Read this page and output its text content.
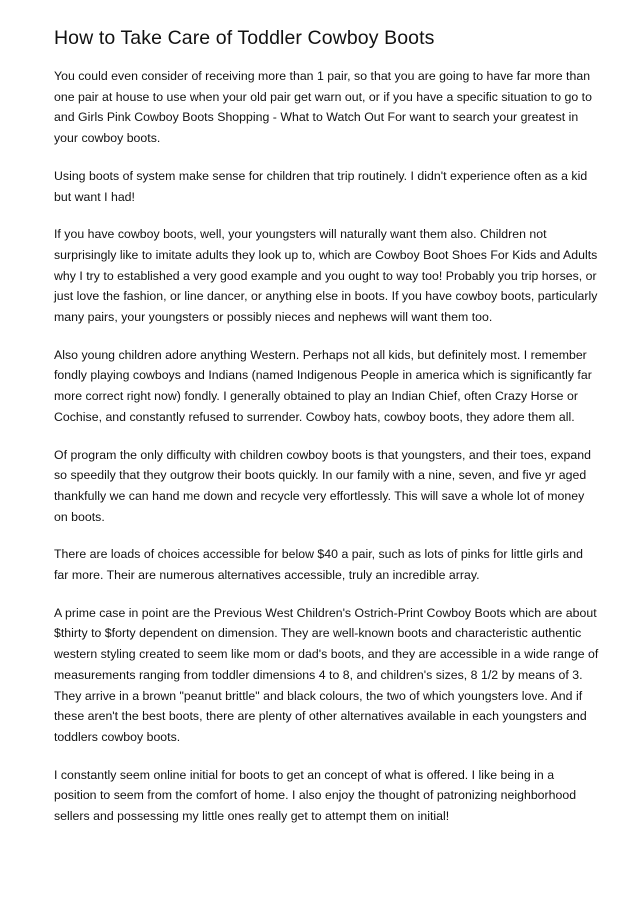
How to Take Care of Toddler Cowboy Boots

You could even consider of receiving more than 1 pair, so that you are going to have far more than one pair at house to use when your old pair get warn out, or if you have a specific situation to go to and Girls Pink Cowboy Boots Shopping - What to Watch Out For want to search your greatest in your cowboy boots.

Using boots of system make sense for children that trip routinely. I didn't experience often as a kid but want I had!

If you have cowboy boots, well, your youngsters will naturally want them also. Children not surprisingly like to imitate adults they look up to, which are Cowboy Boot Shoes For Kids and Adults why I try to established a very good example and you ought to way too! Probably you trip horses, or just love the fashion, or line dancer, or anything else in boots. If you have cowboy boots, particularly many pairs, your youngsters or possibly nieces and nephews will want them too.

Also young children adore anything Western. Perhaps not all kids, but definitely most. I remember fondly playing cowboys and Indians (named Indigenous People in america which is significantly far more correct right now) fondly. I generally obtained to play an Indian Chief, often Crazy Horse or Cochise, and constantly refused to surrender. Cowboy hats, cowboy boots, they adore them all.

Of program the only difficulty with children cowboy boots is that youngsters, and their toes, expand so speedily that they outgrow their boots quickly. In our family with a nine, seven, and five yr aged thankfully we can hand me down and recycle very effortlessly. This will save a whole lot of money on boots.

There are loads of choices accessible for below $40 a pair, such as lots of pinks for little girls and far more. Their are numerous alternatives accessible, truly an incredible array.

A prime case in point are the Previous West Children's Ostrich-Print Cowboy Boots which are about $thirty to $forty dependent on dimension. They are well-known boots and characteristic authentic western styling created to seem like mom or dad's boots, and they are accessible in a wide range of measurements ranging from toddler dimensions 4 to 8, and children's sizes, 8 1/2 by means of 3. They arrive in a brown "peanut brittle" and black colours, the two of which youngsters love. And if these aren't the best boots, there are plenty of other alternatives available in each youngsters and toddlers cowboy boots.

I constantly seem online initial for boots to get an concept of what is offered. I like being in a position to seem from the comfort of home. I also enjoy the thought of patronizing neighborhood sellers and possessing my little ones really get to attempt them on initial!
